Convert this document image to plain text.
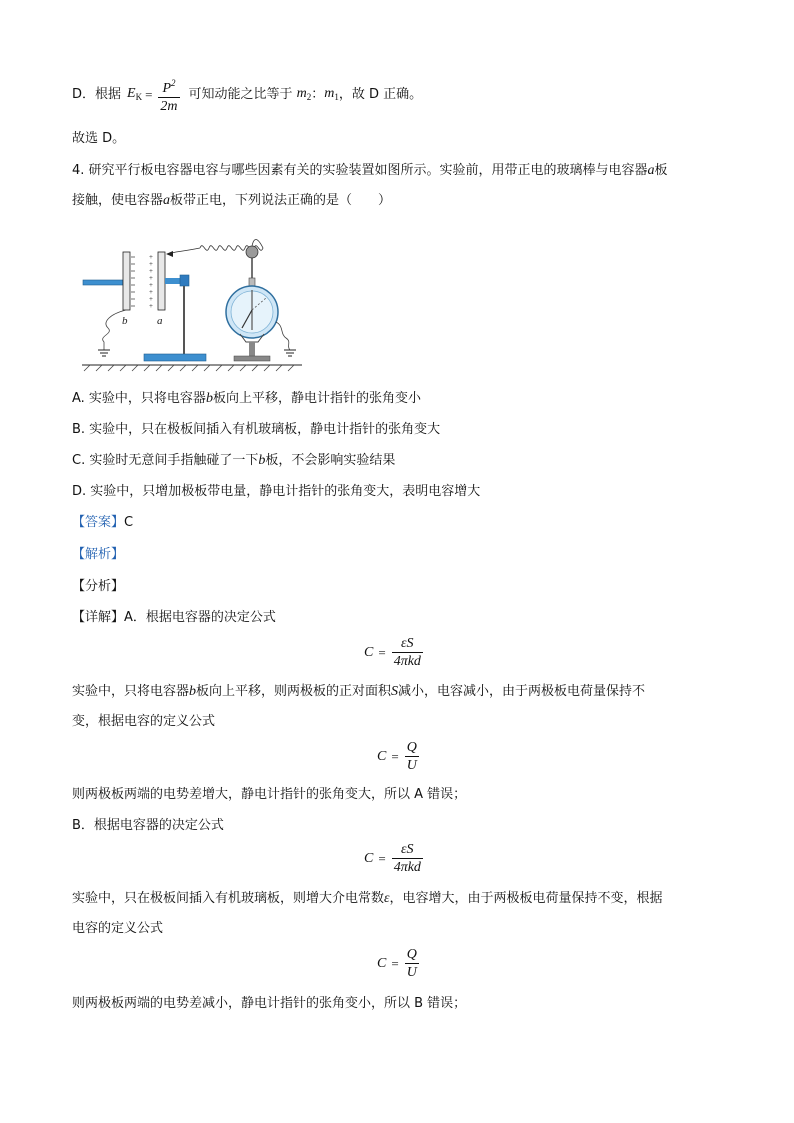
D．根据 $E_K = \frac{P^2}{2m}$ 可知动能之比等于 $m_2$ ： $m_1$ ，故 D 正确。
故选 D。
4. 研究平行板电容器电容与哪些因素有关的实验装置如图所示。实验前，用带正电的玻璃棒与电容器a板
接触，使电容器a板带正电，下列说法正确的是（　　）
+
+
+
+
+
+
+
+
b	a
A. 实验中，只将电容器b板向上平移，静电计指针的张角变小
B. 实验中，只在极板间插入有机玻璃板，静电计指针的张角变大
C. 实验时无意间手指触碰了一下b板，不会影响实验结果
D. 实验中，只增加极板带电量，静电计指针的张角变大，表明电容增大
【答案】C
【解析】
【分析】
【详解】A．根据电容器的决定公式
$C = \frac{\varepsilon S}{\text{4πkd}}$
实验中，只将电容器b板向上平移，则两极板的正对面积S减小，电容减小，由于两极板电荷量保持不
变，根据电容的定义公式
$C = \frac{Q}{U}$
则两极板两端的电势差增大，静电计指针的张角变大，所以 A 错误；
B．根据电容器的决定公式
$C = \frac{\varepsilon S}{\text{4πkd}}$
实验中，只在极板间插入有机玻璃板，则增大介电常数ε，电容增大，由于两极板电荷量保持不变，根据
电容的定义公式
$C = \frac{Q}{U}$
则两极板两端的电势差减小，静电计指针的张角变小，所以 B 错误；
